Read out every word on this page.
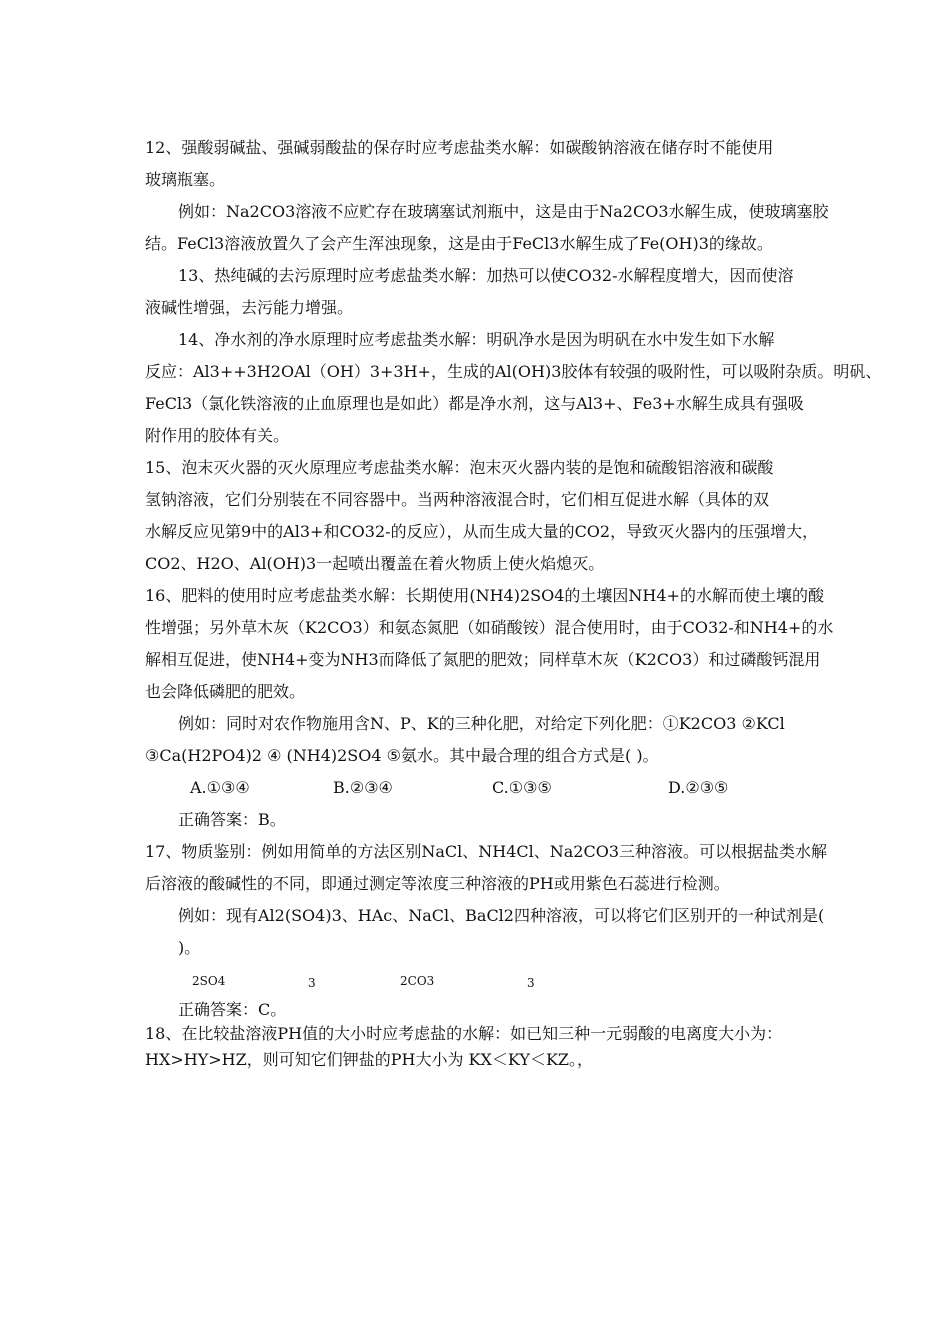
12、强酸弱碱盐、强碱弱酸盐的保存时应考虑盐类水解：如碳酸钠溶液在储存时不能使用
玻璃瓶塞。
例如：Na2CO3溶液不应贮存在玻璃塞试剂瓶中，这是由于Na2CO3水解生成，使玻璃塞胶
结。FeCl3溶液放置久了会产生浑浊现象，这是由于FeCl3水解生成了Fe(OH)3的缘故。
13、热纯碱的去污原理时应考虑盐类水解：加热可以使CO32-水解程度增大，因而使溶
液碱性增强，去污能力增强。
14、净水剂的净水原理时应考虑盐类水解：明矾净水是因为明矾在水中发生如下水解
反应：Al3++3H2OAl（OH）3+3H+，生成的Al(OH)3胶体有较强的吸附性，可以吸附杂质。明矾、
FeCl3（氯化铁溶液的止血原理也是如此）都是净水剂，这与Al3+、Fe3+水解生成具有强吸
附作用的胶体有关。
15、泡末灭火器的灭火原理应考虑盐类水解：泡末灭火器内装的是饱和硫酸铝溶液和碳酸
氢钠溶液，它们分别装在不同容器中。当两种溶液混合时，它们相互促进水解（具体的双
水解反应见第9中的Al3+和CO32-的反应），从而生成大量的CO2，导致灭火器内的压强增大，
CO2、H2O、Al(OH)3一起喷出覆盖在着火物质上使火焰熄灭。
16、肥料的使用时应考虑盐类水解：长期使用(NH4)2SO4的土壤因NH4+的水解而使土壤的酸
性增强；另外草木灰（K2CO3）和氨态氮肥（如硝酸铵）混合使用时，由于CO32-和NH4+的水
解相互促进，使NH4+变为NH3而降低了氮肥的肥效；同样草木灰（K2CO3）和过磷酸钙混用
也会降低磷肥的肥效。
例如：同时对农作物施用含N、P、K的三种化肥，对给定下列化肥：①K2CO3 ②KCl
③Ca(H2PO4)2 ④ (NH4)2SO4 ⑤氨水。其中最合理的组合方式是( )。
A.①③④	B.②③④	C.①③⑤	D.②③⑤
正确答案：B。
17、物质鉴别：例如用简单的方法区别NaCl、NH4Cl、Na2CO3三种溶液。可以根据盐类水解
后溶液的酸碱性的不同，即通过测定等浓度三种溶液的PH或用紫色石蕊进行检测。
例如：现有Al2(SO4)3、HAc、NaCl、BaCl2四种溶液，可以将它们区别开的一种试剂是(
)。
2SO4	3	2CO3	3
正确答案：C。
18、在比较盐溶液PH值的大小时应考虑盐的水解：如已知三种一元弱酸的电离度大小为：
HX>HY>HZ，则可知它们钾盐的PH大小为 KX＜KY＜KZ。，
